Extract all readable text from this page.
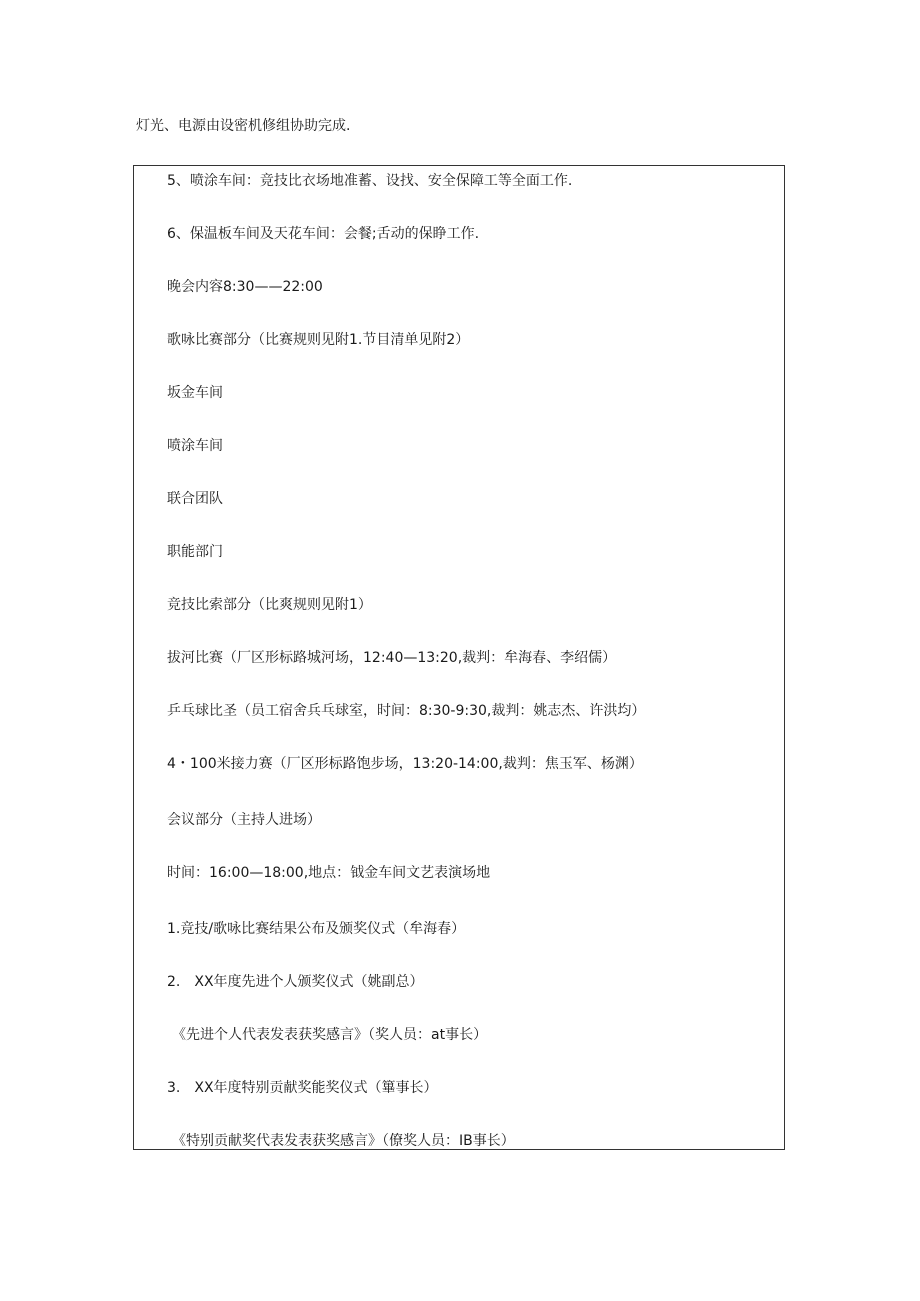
灯光、电源由设密机修组协助完成.
5、喷涂车间：竞技比衣场地准蓄、设找、安全保障工等全面工作.
6、保温板车间及天花车间：会餐;舌动的保睁工作.
晚会内容8:30——22:00
歌咏比赛部分（比赛规则见附1.节目清单见附2）
坂金车间
喷涂车间
联合团队
职能部门
竞技比索部分（比爽规则见附1）
拔河比赛（厂区形标路城河场，12:40—13:20,裁判：牟海春、李绍儒）
乒乓球比圣（员工宿舍兵乓球室，时间：8:30-9:30,裁判：姚志杰、许洪均）
4・100米接力赛（厂区形标路饱步场，13:20-14:00,裁判：焦玉军、杨渊）
会议部分（主持人进场）
时间：16:00—18:00,地点：钺金车间文艺表演场地
1.竞技/歌咏比赛结果公布及颁奖仪式（牟海春）
2.　XX年度先进个人颁奖仪式（姚副总）
《先进个人代表发表获奖感言》（奖人员：at事长）
3.　XX年度特别贡献奖能奖仪式（篳事长）
《特别贡献奖代表发表获奖感言》（僚奖人员：IB事长）
